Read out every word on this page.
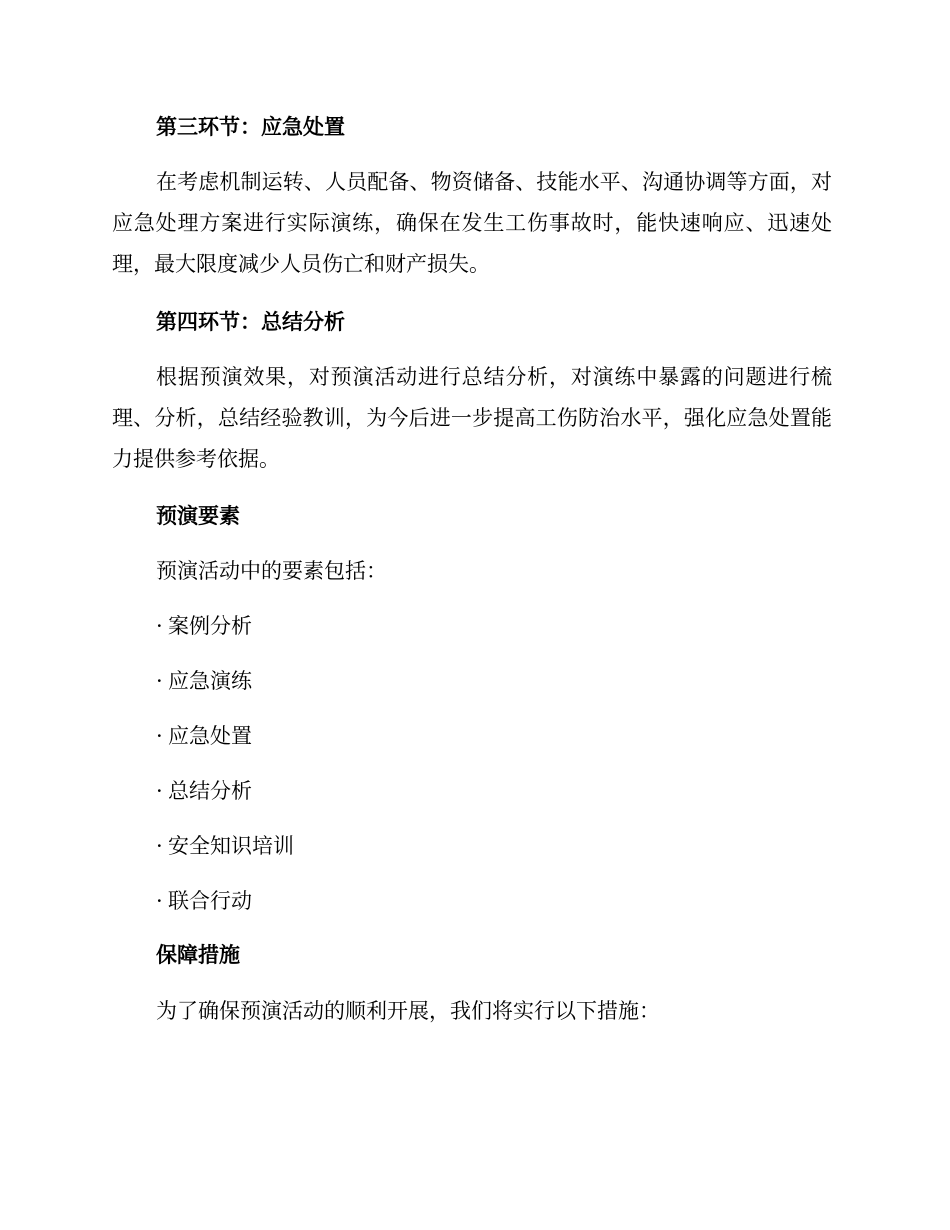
第三环节：应急处置

在考虑机制运转、人员配备、物资储备、技能水平、沟通协调等方面，对应急处理方案进行实际演练，确保在发生工伤事故时，能快速响应、迅速处理，最大限度减少人员伤亡和财产损失。

第四环节：总结分析

根据预演效果，对预演活动进行总结分析，对演练中暴露的问题进行梳理、分析，总结经验教训，为今后进一步提高工伤防治水平，强化应急处置能力提供参考依据。

预演要素
预演活动中的要素包括：
· 案例分析
· 应急演练
· 应急处置
· 总结分析
· 安全知识培训
· 联合行动
保障措施
为了确保预演活动的顺利开展，我们将实行以下措施：
